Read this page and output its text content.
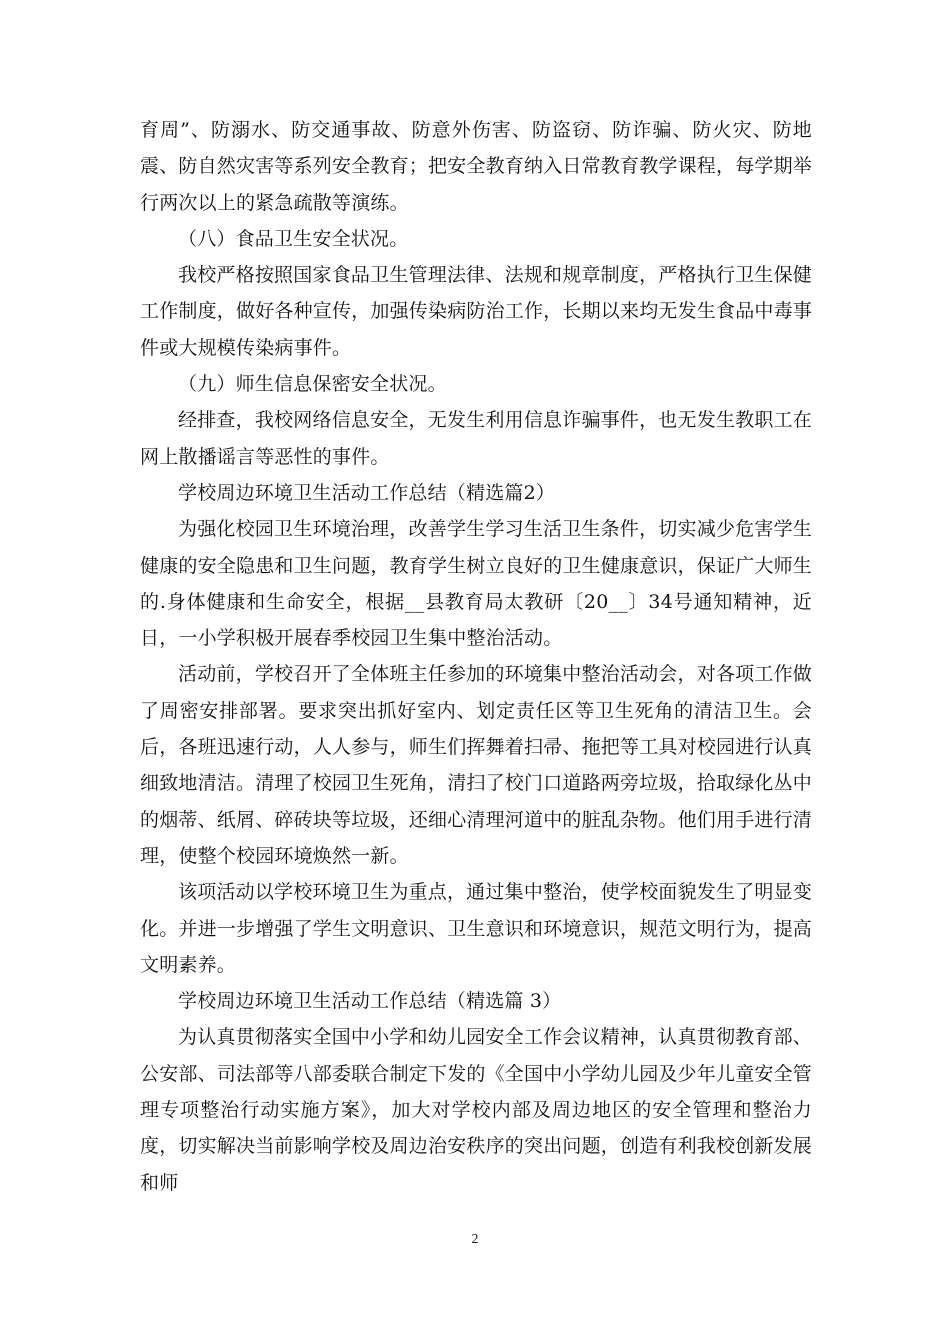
育周”、防溺水、防交通事故、防意外伤害、防盗窃、防诈骗、防火灾、防地震、防自然灾害等系列安全教育；把安全教育纳入日常教育教学课程，每学期举行两次以上的紧急疏散等演练。

（八）食品卫生安全状况。

我校严格按照国家食品卫生管理法律、法规和规章制度，严格执行卫生保健工作制度，做好各种宣传，加强传染病防治工作，长期以来均无发生食品中毒事件或大规模传染病事件。

（九）师生信息保密安全状况。

经排查，我校网络信息安全，无发生利用信息诈骗事件，也无发生教职工在网上散播谣言等恶性的事件。

学校周边环境卫生活动工作总结（精选篇2）

为强化校园卫生环境治理，改善学生学习生活卫生条件，切实减少危害学生健康的安全隐患和卫生问题，教育学生树立良好的卫生健康意识，保证广大师生的.身体健康和生命安全，根据__县教育局太教研〔20__〕34号通知精神，近日，一小学积极开展春季校园卫生集中整治活动。

活动前，学校召开了全体班主任参加的环境集中整治活动会，对各项工作做了周密安排部署。要求突出抓好室内、划定责任区等卫生死角的清洁卫生。会后，各班迅速行动，人人参与，师生们挥舞着扫帚、拖把等工具对校园进行认真细致地清洁。清理了校园卫生死角，清扫了校门口道路两旁垃圾，拾取绿化丛中的烟蒂、纸屑、碎砖块等垃圾，还细心清理河道中的脏乱杂物。他们用手进行清理，使整个校园环境焕然一新。

该项活动以学校环境卫生为重点，通过集中整治，使学校面貌发生了明显变化。并进一步增强了学生文明意识、卫生意识和环境意识，规范文明行为，提高文明素养。

学校周边环境卫生活动工作总结（精选篇 3）

为认真贯彻落实全国中小学和幼儿园安全工作会议精神，认真贯彻教育部、公安部、司法部等八部委联合制定下发的《全国中小学幼儿园及少年儿童安全管理专项整治行动实施方案》，加大对学校内部及周边地区的安全管理和整治力度，切实解决当前影响学校及周边治安秩序的突出问题，创造有利我校创新发展和师

2
